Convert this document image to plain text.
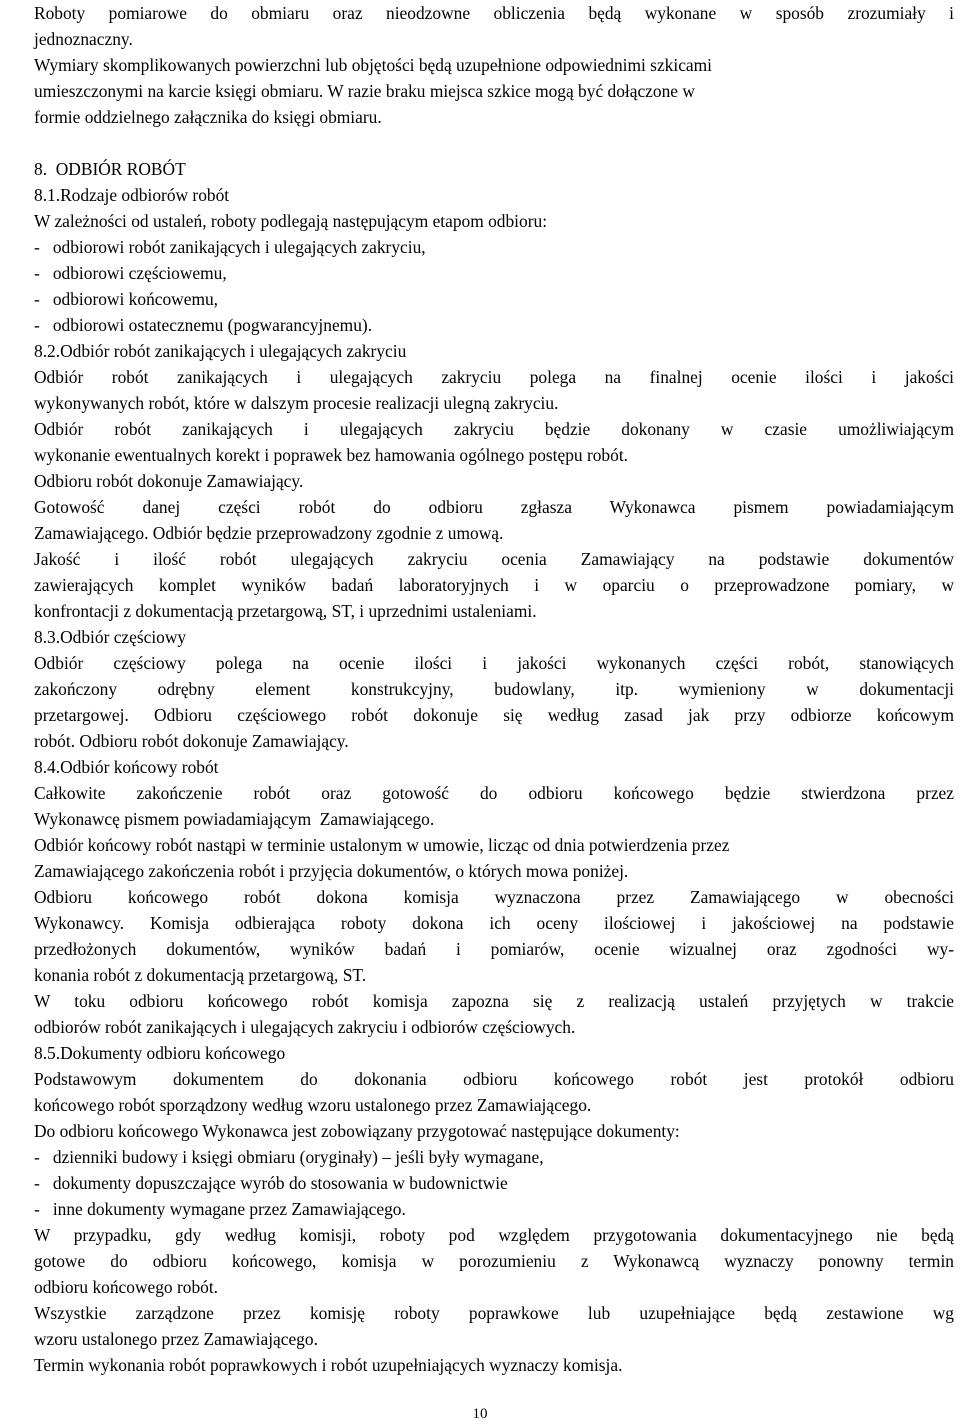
Roboty pomiarowe do obmiaru oraz nieodzowne obliczenia będą wykonane w sposób zrozumiały i
jednoznaczny.
Wymiary skomplikowanych powierzchni lub objętości będą uzupełnione odpowiednimi szkicami
umieszczonymi na karcie księgi obmiaru. W razie braku miejsca szkice mogą być dołączone w
formie oddzielnego załącznika do księgi obmiaru.
8.  ODBIÓR ROBÓT
8.1.Rodzaje odbiorów robót
W zależności od ustaleń, roboty podlegają następującym etapom odbioru:
-   odbiorowi robót zanikających i ulegających zakryciu,
-   odbiorowi częściowemu,
-   odbiorowi końcowemu,
-   odbiorowi ostatecznemu (pogwarancyjnemu).
8.2.Odbiór robót zanikających i ulegających zakryciu
Odbiór robót zanikających i ulegających zakryciu polega na finalnej ocenie ilości i jakości
wykonywanych robót, które w dalszym procesie realizacji ulegną zakryciu.
Odbiór robót zanikających i ulegających zakryciu będzie dokonany w czasie umożliwiającym
wykonanie ewentualnych korekt i poprawek bez hamowania ogólnego postępu robót.
Odbioru robót dokonuje Zamawiający.
Gotowość danej części robót do odbioru zgłasza Wykonawca pismem powiadamiającym
Zamawiającego. Odbiór będzie przeprowadzony zgodnie z umową.
Jakość i ilość robót ulegających zakryciu ocenia Zamawiający na podstawie dokumentów
zawierających komplet wyników badań laboratoryjnych i w oparciu o przeprowadzone pomiary, w
konfrontacji z dokumentacją przetargową, ST, i uprzednimi ustaleniami.
8.3.Odbiór częściowy
Odbiór częściowy polega na ocenie ilości i jakości wykonanych części robót, stanowiących
zakończony odrębny element konstrukcyjny, budowlany, itp. wymieniony w dokumentacji
przetargowej. Odbioru częściowego robót dokonuje się według zasad jak przy odbiorze końcowym
robót. Odbioru robót dokonuje Zamawiający.
8.4.Odbiór końcowy robót
Całkowite zakończenie robót oraz gotowość do odbioru końcowego będzie stwierdzona przez
Wykonawcę pismem powiadamiającym  Zamawiającego.
Odbiór końcowy robót nastąpi w terminie ustalonym w umowie, licząc od dnia potwierdzenia przez
Zamawiającego zakończenia robót i przyjęcia dokumentów, o których mowa poniżej.
Odbioru końcowego robót dokona komisja wyznaczona przez Zamawiającego w obecności
Wykonawcy. Komisja odbierająca roboty dokona ich oceny ilościowej i jakościowej na podstawie
przedłożonych dokumentów, wyników badań i pomiarów, ocenie wizualnej oraz zgodności wy-
konania robót z dokumentacją przetargową, ST.
W toku odbioru końcowego robót komisja zapozna się z realizacją ustaleń przyjętych w trakcie
odbiorów robót zanikających i ulegających zakryciu i odbiorów częściowych.
8.5.Dokumenty odbioru końcowego
Podstawowym dokumentem do dokonania odbioru końcowego robót jest protokół odbioru
końcowego robót sporządzony według wzoru ustalonego przez Zamawiającego.
Do odbioru końcowego Wykonawca jest zobowiązany przygotować następujące dokumenty:
-   dzienniki budowy i księgi obmiaru (oryginały) – jeśli były wymagane,
-   dokumenty dopuszczające wyrób do stosowania w budownictwie
-   inne dokumenty wymagane przez Zamawiającego.
W przypadku, gdy według komisji, roboty pod względem przygotowania dokumentacyjnego nie będą
gotowe do odbioru końcowego, komisja w porozumieniu z Wykonawcą wyznaczy ponowny termin
odbioru końcowego robót.
Wszystkie zarządzone przez komisję roboty poprawkowe lub uzupełniające będą zestawione wg
wzoru ustalonego przez Zamawiającego.
Termin wykonania robót poprawkowych i robót uzupełniających wyznaczy komisja.
10
